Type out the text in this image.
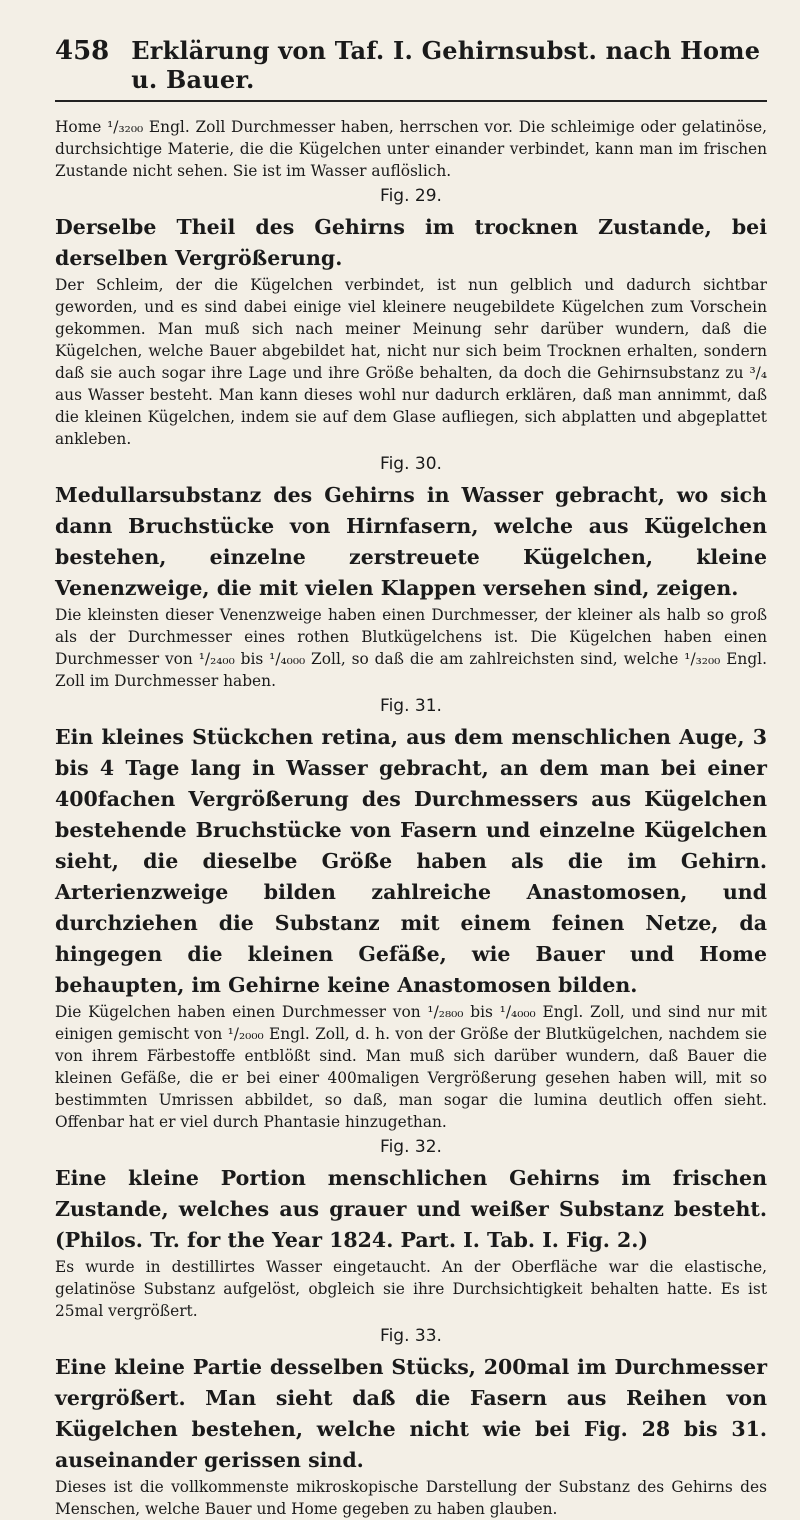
458 Erklärung von Taf. I. Gehirnsubst. nach Home u. Bauer.

Home ¹/₃₂₀₀ Engl. Zoll Durchmesser haben, herrschen vor. Die schleimige oder gelatinöse, durchsichtige Materie, die die Kügelchen unter einander verbindet, kann man im frischen Zustande nicht sehen. Sie ist im Wasser auflöslich.

Fig. 29.

Derselbe Theil des Gehirns im trocknen Zustande, bei derselben Vergrößerung.

Der Schleim, der die Kügelchen verbindet, ist nun gelblich und dadurch sichtbar geworden, und es sind dabei einige viel kleinere neugebildete Kügelchen zum Vorschein gekommen. Man muß sich nach meiner Meinung sehr darüber wundern, daß die Kügelchen, welche Bauer abgebildet hat, nicht nur sich beim Trocknen erhalten, sondern daß sie auch sogar ihre Lage und ihre Größe behalten, da doch die Gehirnsubstanz zu ³/₄ aus Wasser besteht. Man kann dieses wohl nur dadurch erklären, daß man annimmt, daß die kleinen Kügelchen, indem sie auf dem Glase aufliegen, sich abplatten und abgeplattet ankleben.

Fig. 30.

Medullarsubstanz des Gehirns in Wasser gebracht, wo sich dann Bruchstücke von Hirnfasern, welche aus Kügelchen bestehen, einzelne zerstreuete Kügelchen, kleine Venenzweige, die mit vielen Klappen versehen sind, zeigen.

Die kleinsten dieser Venenzweige haben einen Durchmesser, der kleiner als halb so groß als der Durchmesser eines rothen Blutkügelchens ist. Die Kügelchen haben einen Durchmesser von ¹/₂₄₀₀ bis ¹/₄₀₀₀ Zoll, so daß die am zahlreichsten sind, welche ¹/₃₂₀₀ Engl. Zoll im Durchmesser haben.

Fig. 31.

Ein kleines Stückchen retina, aus dem menschlichen Auge, 3 bis 4 Tage lang in Wasser gebracht, an dem man bei einer 400fachen Vergrößerung des Durchmessers aus Kügelchen bestehende Bruchstücke von Fasern und einzelne Kügelchen sieht, die dieselbe Größe haben als die im Gehirn. Arterienzweige bilden zahlreiche Anastomosen, und durchziehen die Substanz mit einem feinen Netze, da hingegen die kleinen Gefäße, wie Bauer und Home behaupten, im Gehirne keine Anastomosen bilden.

Die Kügelchen haben einen Durchmesser von ¹/₂₈₀₀ bis ¹/₄₀₀₀ Engl. Zoll, und sind nur mit einigen gemischt von ¹/₂₀₀₀ Engl. Zoll, d. h. von der Größe der Blutkügelchen, nachdem sie von ihrem Färbestoffe entblößt sind. Man muß sich darüber wundern, daß Bauer die kleinen Gefäße, die er bei einer 400maligen Vergrößerung gesehen haben will, mit so bestimmten Umrissen abbildet, so daß, man sogar die lumina deutlich offen sieht. Offenbar hat er viel durch Phantasie hinzugethan.

Fig. 32.

Eine kleine Portion menschlichen Gehirns im frischen Zustande, welches aus grauer und weißer Substanz besteht. (Philos. Tr. for the Year 1824. Part. I. Tab. I. Fig. 2.)

Es wurde in destillirtes Wasser eingetaucht. An der Oberfläche war die elastische, gelatinöse Substanz aufgelöst, obgleich sie ihre Durchsichtigkeit behalten hatte. Es ist 25mal vergrößert.

Fig. 33.

Eine kleine Partie desselben Stücks, 200mal im Durchmesser vergrößert. Man sieht daß die Fasern aus Reihen von Kügelchen bestehen, welche nicht wie bei Fig. 28 bis 31. auseinander gerissen sind.

Dieses ist die vollkommenste mikroskopische Darstellung der Substanz des Gehirns des Menschen, welche Bauer und Home gegeben zu haben glauben.
